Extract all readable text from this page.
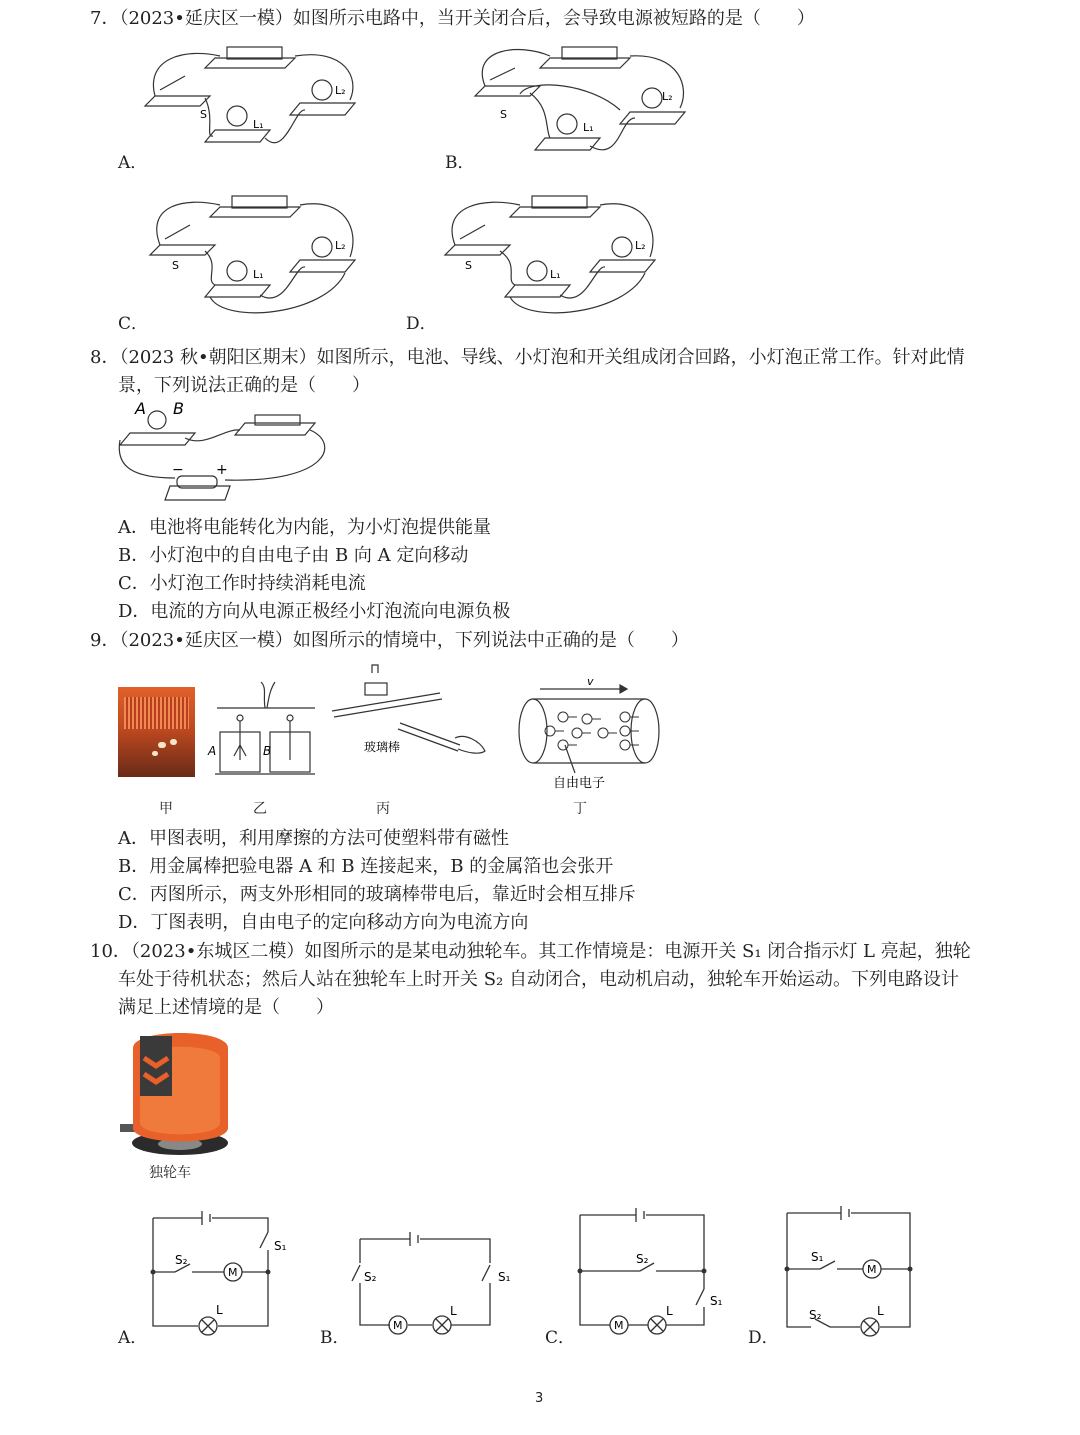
7．（2023•延庆区一模）如图所示电路中，当开关闭合后，会导致电源被短路的是（　　）
S
L₁
L₂
A．
S
L₁
L₂
B．
S
L₁
L₂
C．
S
L₁
L₂
D．
8．（2023 秋•朝阳区期末）如图所示，电池、导线、小灯泡和开关组成闭合回路，小灯泡正常工作。针对此情
景，下列说法正确的是（　　）
A B
− +
A．电池将电能转化为内能，为小灯泡提供能量
B．小灯泡中的自由电子由 B 向 A 定向移动
C．小灯泡工作时持续消耗电流
D．电流的方向从电源正极经小灯泡流向电源负极
9．（2023•延庆区一模）如图所示的情境中，下列说法中正确的是（　　）
A	B	玻璃棒
v
自由电子
甲	乙	丙	丁
A．甲图表明，利用摩擦的方法可使塑料带有磁性
B．用金属棒把验电器 A 和 B 连接起来，B 的金属箔也会张开
C．丙图所示，两支外形相同的玻璃棒带电后，靠近时会相互排斥
D．丁图表明，自由电子的定向移动方向为电流方向
10．（2023•东城区二模）如图所示的是某电动独轮车。其工作情境是：电源开关 S₁ 闭合指示灯 L 亮起，独轮
车处于待机状态；然后人站在独轮车上时开关 S₂ 自动闭合，电动机启动，独轮车开始运动。下列电路设计
满足上述情境的是（　　）
独轮车
S₁
S₂
M
L
A．
S₂	S₁
M
L
B．
S₂
S₁
M
L
C．
S₁
S₂
M
L
D．
3
